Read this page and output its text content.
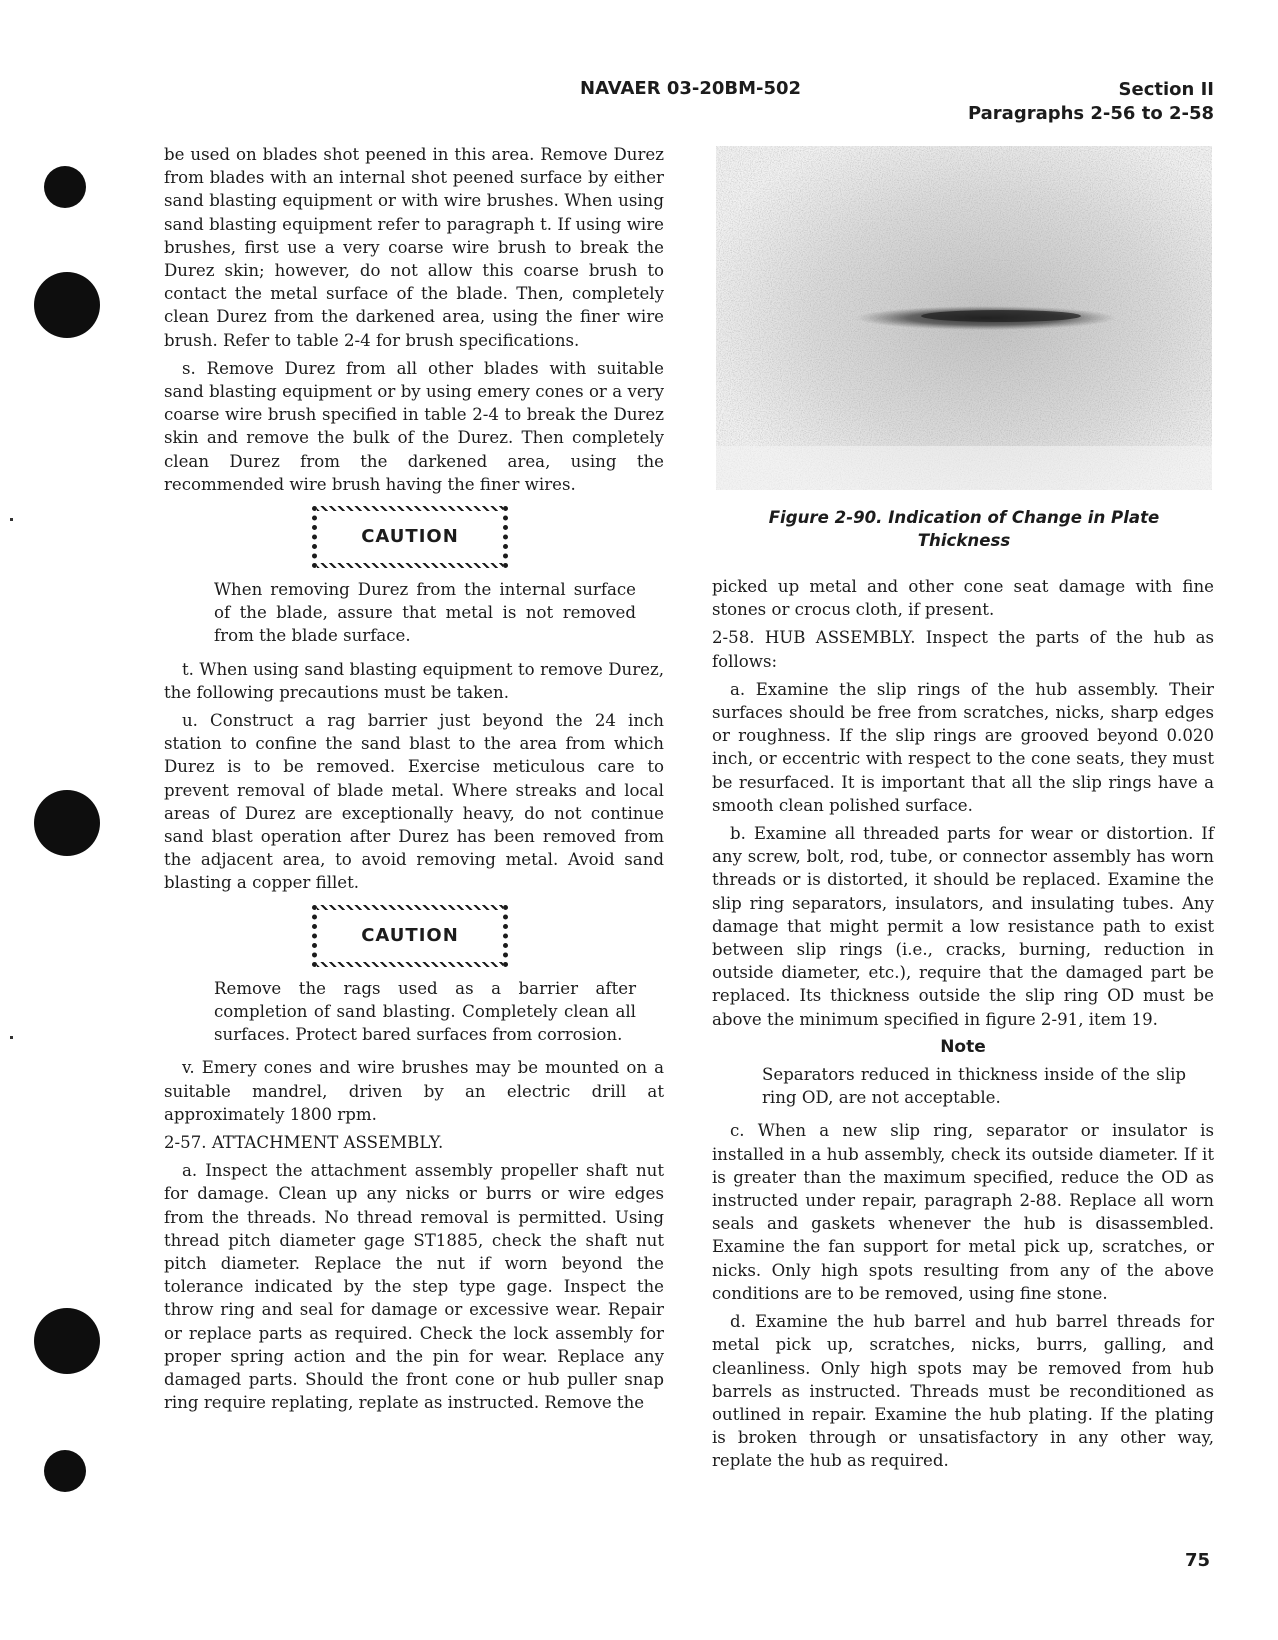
NAVAER 03-20BM-502	Section II
Paragraphs 2-56 to 2-58

be used on blades shot peened in this area. Remove Durez from blades with an internal shot peened surface by either sand blasting equipment or with wire brushes. When using sand blasting equipment refer to paragraph t. If using wire brushes, first use a very coarse wire brush to break the Durez skin; however, do not allow this coarse brush to contact the metal surface of the blade. Then, completely clean Durez from the darkened area, using the finer wire brush. Refer to table 2-4 for brush specifications.

s. Remove Durez from all other blades with suitable sand blasting equipment or by using emery cones or a very coarse wire brush specified in table 2-4 to break the Durez skin and remove the bulk of the Durez. Then completely clean Durez from the darkened area, using the recommended wire brush having the finer wires.

CAUTION

When removing Durez from the internal surface of the blade, assure that metal is not removed from the blade surface.

t. When using sand blasting equipment to remove Durez, the following precautions must be taken.

u. Construct a rag barrier just beyond the 24 inch station to confine the sand blast to the area from which Durez is to be removed. Exercise meticulous care to prevent removal of blade metal. Where streaks and local areas of Durez are exceptionally heavy, do not continue sand blast operation after Durez has been removed from the adjacent area, to avoid removing metal. Avoid sand blasting a copper fillet.

CAUTION

Remove the rags used as a barrier after completion of sand blasting. Completely clean all surfaces. Protect bared surfaces from corrosion.

v. Emery cones and wire brushes may be mounted on a suitable mandrel, driven by an electric drill at approximately 1800 rpm.

2-57. ATTACHMENT ASSEMBLY.

a. Inspect the attachment assembly propeller shaft nut for damage. Clean up any nicks or burrs or wire edges from the threads. No thread removal is permitted. Using thread pitch diameter gage ST1885, check the shaft nut pitch diameter. Replace the nut if worn beyond the tolerance indicated by the step type gage. Inspect the throw ring and seal for damage or excessive wear. Repair or replace parts as required. Check the lock assembly for proper spring action and the pin for wear. Replace any damaged parts. Should the front cone or hub puller snap ring require replating, replate as instructed. Remove the

Figure 2-90. Indication of Change in Plate
Thickness

picked up metal and other cone seat damage with fine stones or crocus cloth, if present.

2-58. HUB ASSEMBLY. Inspect the parts of the hub as follows:

a. Examine the slip rings of the hub assembly. Their surfaces should be free from scratches, nicks, sharp edges or roughness. If the slip rings are grooved beyond 0.020 inch, or eccentric with respect to the cone seats, they must be resurfaced. It is important that all the slip rings have a smooth clean polished surface.

b. Examine all threaded parts for wear or distortion. If any screw, bolt, rod, tube, or connector assembly has worn threads or is distorted, it should be replaced. Examine the slip ring separators, insulators, and insulating tubes. Any damage that might permit a low resistance path to exist between slip rings (i.e., cracks, burning, reduction in outside diameter, etc.), require that the damaged part be replaced. Its thickness outside the slip ring OD must be above the minimum specified in figure 2-91, item 19.

Note

Separators reduced in thickness inside of the slip ring OD, are not acceptable.

c. When a new slip ring, separator or insulator is installed in a hub assembly, check its outside diameter. If it is greater than the maximum specified, reduce the OD as instructed under repair, paragraph 2-88. Replace all worn seals and gaskets whenever the hub is disassembled. Examine the fan support for metal pick up, scratches, or nicks. Only high spots resulting from any of the above conditions are to be removed, using fine stone.

d. Examine the hub barrel and hub barrel threads for metal pick up, scratches, nicks, burrs, galling, and cleanliness. Only high spots may be removed from hub barrels as instructed. Threads must be reconditioned as outlined in repair. Examine the hub plating. If the plating is broken through or unsatisfactory in any other way, replate the hub as required.

75
